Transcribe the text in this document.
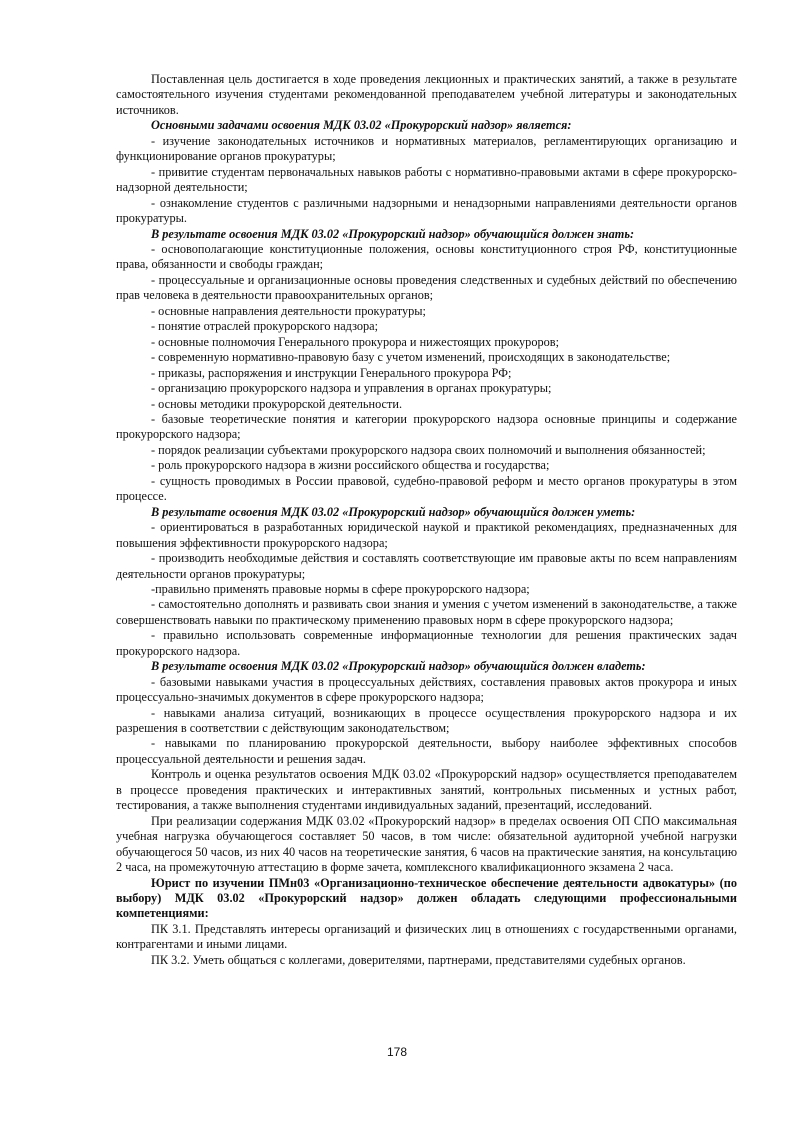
Поставленная цель достигается в ходе проведения лекционных и практических занятий, а также в результате самостоятельного изучения студентами рекомендованной преподавателем учебной литературы и законодательных источников.

Основными задачами освоения МДК 03.02 «Прокурорский надзор» является:

- изучение законодательных источников и нормативных материалов, регламентирующих организацию и функционирование органов прокуратуры;

- привитие студентам первоначальных навыков работы с нормативно-правовыми актами в сфере прокурорско-надзорной деятельности;

- ознакомление студентов с различными надзорными и ненадзорными направлениями деятельности органов прокуратуры.

В результате освоения МДК 03.02 «Прокурорский надзор» обучающийся должен знать:

- основополагающие конституционные положения, основы конституционного строя РФ, конституционные права, обязанности и свободы граждан;

- процессуальные и организационные основы проведения следственных и судебных действий по обеспечению прав человека в деятельности правоохранительных органов;

- основные направления деятельности прокуратуры;

- понятие отраслей прокурорского надзора;

- основные полномочия Генерального прокурора и нижестоящих прокуроров;

- современную нормативно-правовую базу с учетом изменений, происходящих в законодательстве;

- приказы, распоряжения и инструкции Генерального прокурора РФ;

- организацию прокурорского надзора и управления в органах прокуратуры;

- основы методики прокурорской деятельности.

- базовые теоретические понятия и категории прокурорского надзора основные принципы и содержание прокурорского надзора;

- порядок реализации субъектами прокурорского надзора своих полномочий и выполнения обязанностей;

- роль прокурорского надзора в жизни российского общества и государства;

- сущность проводимых в России правовой, судебно-правовой реформ и место органов прокуратуры в этом процессе.

В результате освоения МДК 03.02 «Прокурорский надзор» обучающийся должен уметь:

- ориентироваться в разработанных юридической наукой и практикой рекомендациях, предназначенных для повышения эффективности прокурорского надзора;

- производить необходимые действия и составлять соответствующие им правовые акты по всем направлениям деятельности органов прокуратуры;

-правильно применять правовые нормы в сфере прокурорского надзора;

- самостоятельно дополнять и развивать свои знания и умения с учетом изменений в законодательстве, а также совершенствовать навыки по практическому применению правовых норм в сфере прокурорского надзора;

- правильно использовать современные информационные технологии для решения практических задач прокурорского надзора.

В результате освоения МДК 03.02 «Прокурорский надзор» обучающийся должен владеть:

- базовыми навыками участия в процессуальных действиях, составления правовых актов прокурора и иных процессуально-значимых документов в сфере прокурорского надзора;

- навыками анализа ситуаций, возникающих в процессе осуществления прокурорского надзора и их разрешения в соответствии с действующим законодательством;

- навыками по планированию прокурорской деятельности, выбору наиболее эффективных способов процессуальной деятельности и решения задач.

Контроль и оценка результатов освоения МДК 03.02 «Прокурорский надзор» осуществляется преподавателем в процессе проведения практических и интерактивных занятий, контрольных письменных и устных работ, тестирования, а также выполнения студентами индивидуальных заданий, презентаций, исследований.

При реализации содержания МДК 03.02 «Прокурорский надзор» в пределах освоения ОП СПО максимальная учебная нагрузка обучающегося составляет 50 часов, в том числе: обязательной аудиторной учебной нагрузки обучающегося 50 часов, из них 40 часов на теоретические занятия, 6 часов на практические занятия, на консультацию 2 часа, на промежуточную аттестацию в форме зачета, комплексного квалификационного экзамена 2 часа.

Юрист по изучении ПМн03 «Организационно-техническое обеспечение деятельности адвокатуры» (по выбору) МДК 03.02 «Прокурорский надзор» должен обладать следующими профессиональными компетенциями:

ПК 3.1. Представлять интересы организаций и физических лиц в отношениях с государственными органами, контрагентами и иными лицами.

ПК 3.2. Уметь общаться с коллегами, доверителями, партнерами, представителями судебных органов.

178
